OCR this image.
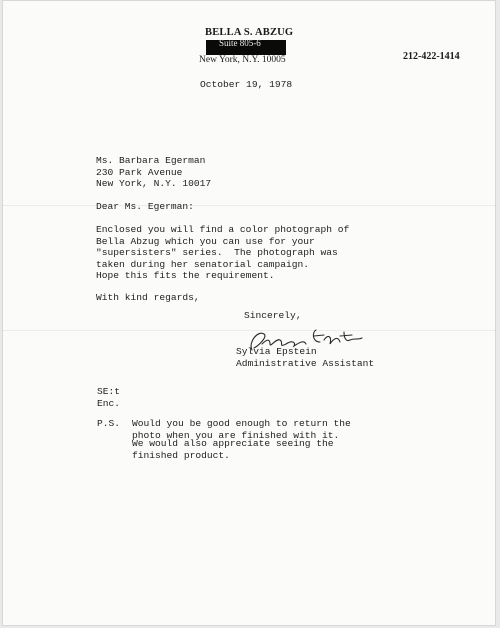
BELLA S. ABZUG
Suite 805-6
New York, N.Y. 10005	212-422-1414
October 19, 1978
Ms. Barbara Egerman
230 Park Avenue
New York, N.Y. 10017
Dear Ms. Egerman:
Enclosed you will find a color photograph of
Bella Abzug which you can use for your
"supersisters" series.  The photograph was
taken during her senatorial campaign.
Hope this fits the requirement.
With kind regards,
Sincerely,
Sylvia Epstein
Administrative Assistant
SE:t
Enc.
P.S. Would you be good enough to return the
photo when you are finished with it.
We would also appreciate seeing the
finished product.
